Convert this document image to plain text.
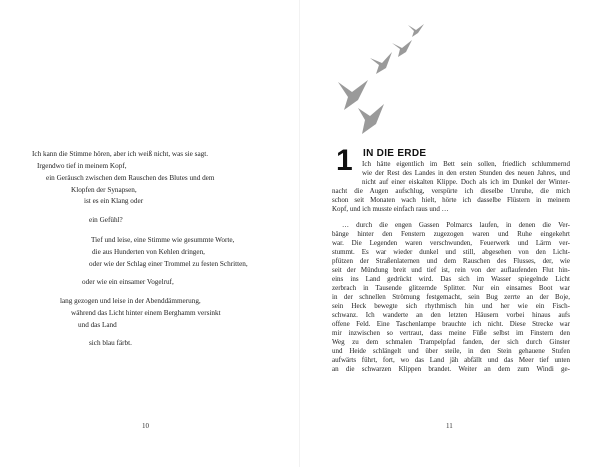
Ich kann die Stimme hören, aber ich weiß nicht, was sie sagt.
Irgendwo tief in meinem Kopf,
ein Geräusch zwischen dem Rauschen des Blutes und dem
Klopfen der Synapsen,
ist es ein Klang oder
ein Gefühl?
Tief und leise, eine Stimme wie gesummte Worte,
die aus Hunderten von Kehlen dringen,
oder wie der Schlag einer Trommel zu festen Schritten,
oder wie ein einsamer Vogelruf,
lang gezogen und leise in der Abenddämmerung,
während das Licht hinter einem Berghamm versinkt
und das Land
sich blau färbt.
10
1 IN DIE ERDE
Ich hätte eigentlich im Bett sein sollen, friedlich schlummernd
wie der Rest des Landes in den ersten Stunden des neuen Jahres, und
nicht auf einer eiskalten Klippe. Doch als ich im Dunkel der Winter-
nacht die Augen aufschlug, verspürte ich dieselbe Unruhe, die mich
schon seit Monaten wach hielt, hörte ich dasselbe Flüstern in meinem
Kopf, und ich musste einfach raus und …
… durch die engen Gassen Polmarcs laufen, in denen die Ver-
bänge hinter den Fenstern zugezogen waren und Ruhe eingekehrt
war. Die Legenden waren verschwunden, Feuerwerk und Lärm ver-
stummt. Es war wieder dunkel und still, abgesehen von den Licht-
pfützen der Straßenlaternen und dem Rauschen des Flusses, der, wie
seit der Mündung breit und tief ist, rein von der auflaufenden Flut hin-
eins ins Land gedrückt wird. Das sich im Wasser spiegelnde Licht
zerbrach in Tausende glitzernde Splitter. Nur ein einsames Boot war
in der schnellen Strömung festgemacht, sein Bug zerrte an der Boje,
sein Heck bewegte sich rhythmisch hin und her wie ein Fisch-
schwanz. Ich wanderte an den letzten Häusern vorbei hinaus aufs
offene Feld. Eine Taschenlampe brauchte ich nicht. Diese Strecke war
mir inzwischen so vertraut, dass meine Füße selbst im Finstern den
Weg zu dem schmalen Trampelpfad fanden, der sich durch Ginster
und Heide schlängelt und über steile, in den Stein gehauene Stufen
aufwärts führt, fort, wo das Land jäh abfällt und das Meer tief unten
an die schwarzen Klippen brandet. Weiter an dem zum Windi ge-
11
